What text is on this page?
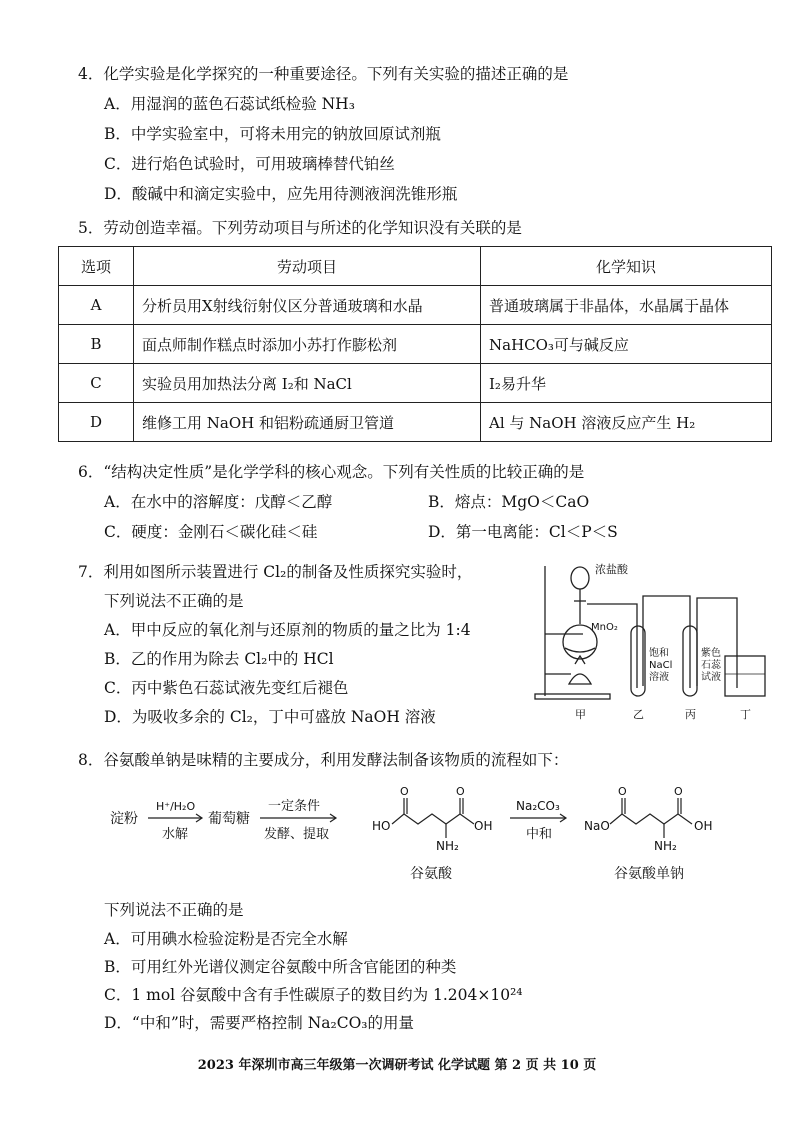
4．化学实验是化学探究的一种重要途径。下列有关实验的描述正确的是
A．用湿润的蓝色石蕊试纸检验 NH₃
B．中学实验室中，可将未用完的钠放回原试剂瓶
C．进行焰色试验时，可用玻璃棒替代铂丝
D．酸碱中和滴定实验中，应先用待测液润洗锥形瓶
5．劳动创造幸福。下列劳动项目与所述的化学知识没有关联的是
选项	劳动项目	化学知识
A	分析员用X射线衍射仪区分普通玻璃和水晶	普通玻璃属于非晶体，水晶属于晶体
B	面点师制作糕点时添加小苏打作膨松剂	NaHCO₃可与碱反应
C	实验员用加热法分离 I₂和 NaCl	I₂易升华
D	维修工用 NaOH 和铝粉疏通厨卫管道	Al 与 NaOH 溶液反应产生 H₂
6．“结构决定性质”是化学学科的核心观念。下列有关性质的比较正确的是
A．在水中的溶解度：戊醇＜乙醇	B．熔点：MgO＜CaO
C．硬度：金刚石＜碳化硅＜硅	D．第一电离能：Cl＜P＜S
7．利用如图所示装置进行 Cl₂的制备及性质探究实验时，
下列说法不正确的是
A．甲中反应的氧化剂与还原剂的物质的量之比为 1:4
B．乙的作用为除去 Cl₂中的 HCl
C．丙中紫色石蕊试液先变红后褪色
D．为吸收多余的 Cl₂，丁中可盛放 NaOH 溶液
浓盐酸
MnO₂
饱和
NaCl
溶液
紫色
石蕊
试液
甲	乙	丙	丁
8．谷氨酸单钠是味精的主要成分，利用发酵法制备该物质的流程如下：
淀粉
H⁺/H₂O
水解
葡萄糖
一定条件
发酵、提取
HO
O	O
OH
NH₂
谷氨酸
Na₂CO₃
中和
NaO
O	O
OH
NH₂
谷氨酸单钠
下列说法不正确的是
A．可用碘水检验淀粉是否完全水解
B．可用红外光谱仪测定谷氨酸中所含官能团的种类
C．1 mol 谷氨酸中含有手性碳原子的数目约为 1.204×10²⁴
D．“中和”时，需要严格控制 Na₂CO₃的用量
2023 年深圳市高三年级第一次调研考试 化学试题 第 2 页 共 10 页
